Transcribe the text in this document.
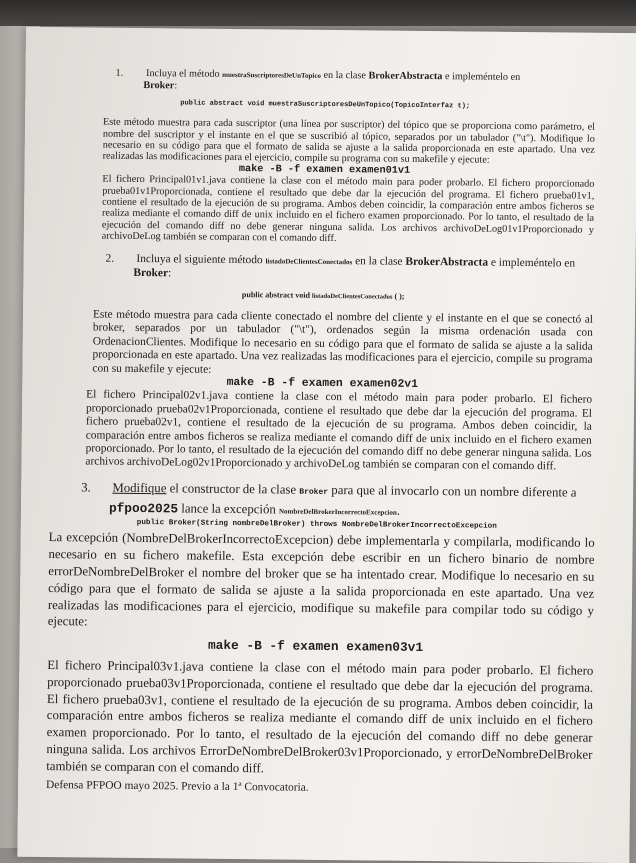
1. Incluya el método muestraSuscriptoresDeUnTopico en la clase BrokerAbstracta e impleméntelo en
Broker:
public abstract void muestraSuscriptoresDeUnTopico(TopicoInterfaz t);

Este método muestra para cada suscriptor (una línea por suscriptor) del tópico que se proporciona como parámetro, el nombre del suscriptor y el instante en el que se suscribió al tópico, separados por un tabulador ("\t"). Modifique lo necesario en su código para que el formato de salida se ajuste a la salida proporcionada en este apartado. Una vez realizadas las modificaciones para el ejercicio, compile su programa con su makefile y ejecute:

make -B -f examen examen01v1

El fichero Principal01v1.java contiene la clase con el método main para poder probarlo. El fichero proporcionado prueba01v1Proporcionada, contiene el resultado que debe dar la ejecución del programa. El fichero prueba01v1, contiene el resultado de la ejecución de su programa. Ambos deben coincidir, la comparación entre ambos ficheros se realiza mediante el comando diff de unix incluido en el fichero examen proporcionado. Por lo tanto, el resultado de la ejecución del comando diff no debe generar ninguna salida. Los archivos archivoDeLog01v1Proporcionado y archivoDeLog también se comparan con el comando diff.

2. Incluya el siguiente método listadoDeClientesConectados en la clase BrokerAbstracta e impleméntelo en
Broker:
public abstract void listadoDeClientesConectados ( );

Este método muestra para cada cliente conectado el nombre del cliente y el instante en el que se conectó al broker, separados por un tabulador ("\t"), ordenados según la misma ordenación usada con OrdenacionClientes. Modifique lo necesario en su código para que el formato de salida se ajuste a la salida proporcionada en este apartado. Una vez realizadas las modificaciones para el ejercicio, compile su programa con su makefile y ejecute:

make -B -f examen examen02v1

El fichero Principal02v1.java contiene la clase con el método main para poder probarlo. El fichero proporcionado prueba02v1Proporcionada, contiene el resultado que debe dar la ejecución del programa. El fichero prueba02v1, contiene el resultado de la ejecución de su programa. Ambos deben coincidir, la comparación entre ambos ficheros se realiza mediante el comando diff de unix incluido en el fichero examen proporcionado. Por lo tanto, el resultado de la ejecución del comando diff no debe generar ninguna salida. Los archivos archivoDeLog02v1Proporcionado y archivoDeLog también se comparan con el comando diff.

3. Modifique el constructor de la clase Broker para que al invocarlo con un nombre diferente a
pfpoo2025 lance la excepción NombreDelBrokerIncorrectoExcepcion.
public Broker(String nombreDelBroker) throws NombreDelBrokerIncorrectoExcepcion

La excepción (NombreDelBrokerIncorrectoExcepcion) debe implementarla y compilarla, modificando lo necesario en su fichero makefile. Esta excepción debe escribir en un fichero binario de nombre errorDeNombreDelBroker el nombre del broker que se ha intentado crear. Modifique lo necesario en su código para que el formato de salida se ajuste a la salida proporcionada en este apartado. Una vez realizadas las modificaciones para el ejercicio, modifique su makefile para compilar todo su código y ejecute:

make -B -f examen examen03v1

El fichero Principal03v1.java contiene la clase con el método main para poder probarlo. El fichero proporcionado prueba03v1Proporcionada, contiene el resultado que debe dar la ejecución del programa. El fichero prueba03v1, contiene el resultado de la ejecución de su programa. Ambos deben coincidir, la comparación entre ambos ficheros se realiza mediante el comando diff de unix incluido en el fichero examen proporcionado. Por lo tanto, el resultado de la ejecución del comando diff no debe generar ninguna salida. Los archivos ErrorDeNombreDelBroker03v1Proporcionado, y errorDeNombreDelBroker también se comparan con el comando diff.

Defensa PFPOO mayo 2025. Previo a la 1ª Convocatoria.
